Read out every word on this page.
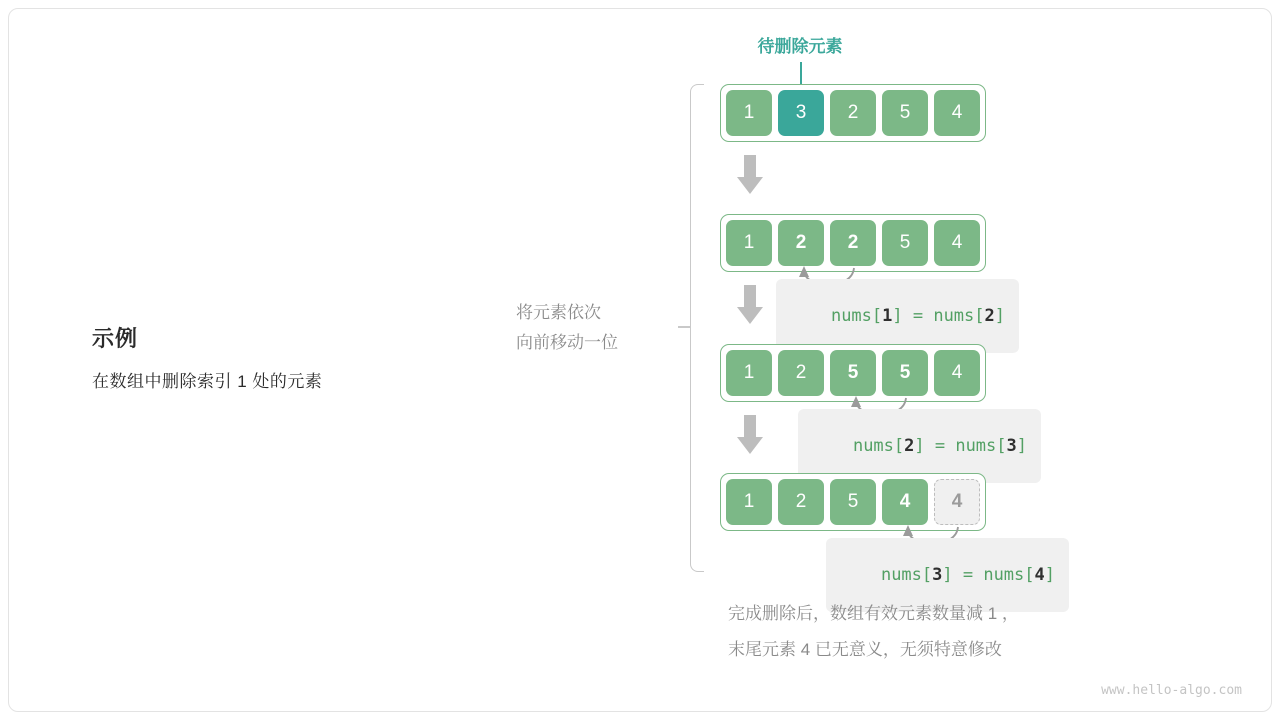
示例
在数组中删除索引 1 处的元素
将元素依次
向前移动一位
待删除元素
1	3	2	5	4
1	2	2	5	4

nums[1] = nums[2]

1	2	5	5	4

nums[2] = nums[3]

1	2	5	4	4

nums[3] = nums[4]

完成删除后，数组有效元素数量减 1 ，
末尾元素 4 已无意义，无须特意修改
www.hello-algo.com
